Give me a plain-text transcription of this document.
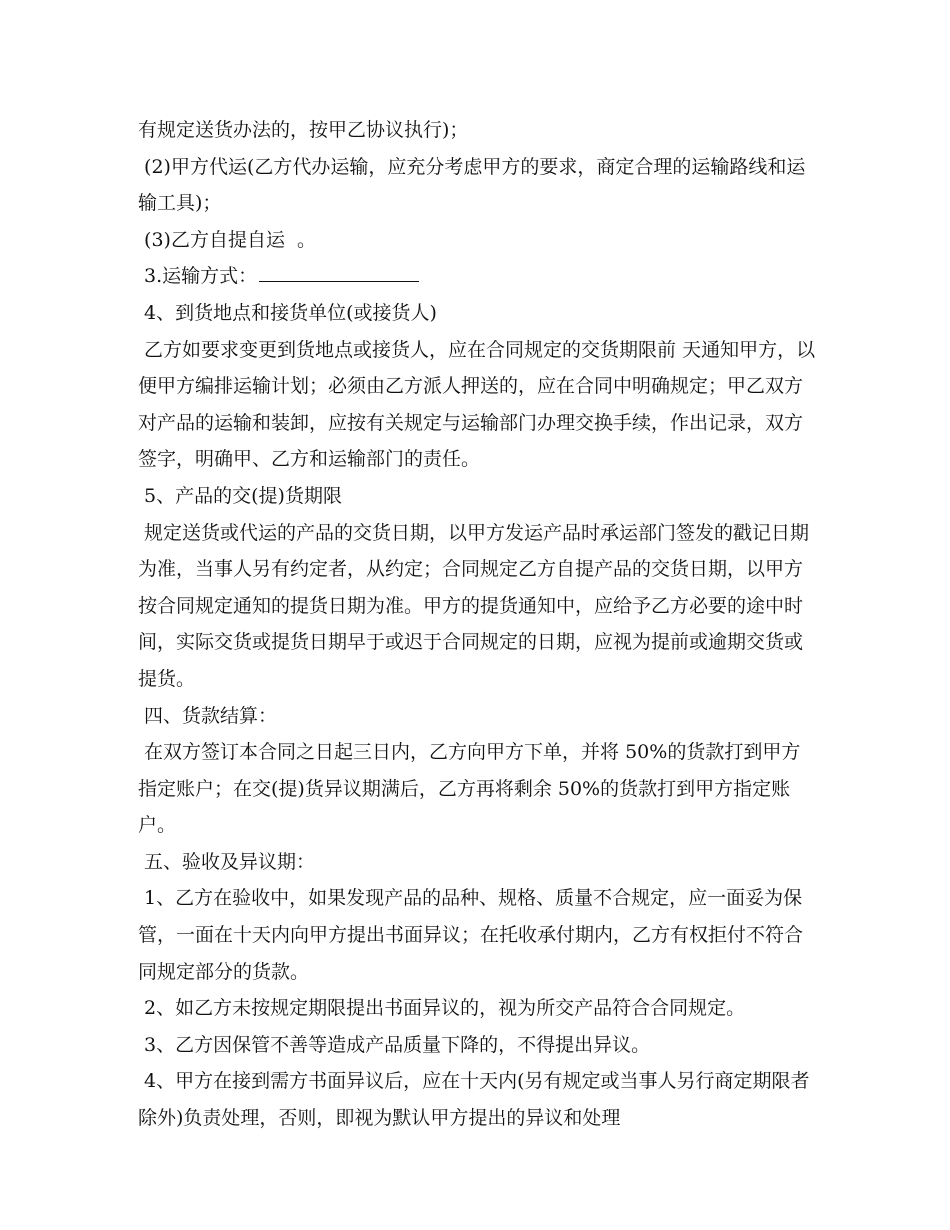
有规定送货办法的，按甲乙协议执行)；

(2)甲方代运(乙方代办运输，应充分考虑甲方的要求，商定合理的运输路线和运输工具)；

(3)乙方自提自运  。

3.运输方式：

4、到货地点和接货单位(或接货人)

乙方如要求变更到货地点或接货人，应在合同规定的交货期限前 天通知甲方，以便甲方编排运输计划；必须由乙方派人押送的，应在合同中明确规定；甲乙双方对产品的运输和装卸，应按有关规定与运输部门办理交换手续，作出记录，双方签字，明确甲、乙方和运输部门的责任。

5、产品的交(提)货期限

规定送货或代运的产品的交货日期，以甲方发运产品时承运部门签发的戳记日期为准，当事人另有约定者，从约定；合同规定乙方自提产品的交货日期，以甲方按合同规定通知的提货日期为准。甲方的提货通知中，应给予乙方必要的途中时间，实际交货或提货日期早于或迟于合同规定的日期，应视为提前或逾期交货或提货。

四、货款结算：

在双方签订本合同之日起三日内，乙方向甲方下单，并将 50%的货款打到甲方指定账户；在交(提)货异议期满后，乙方再将剩余 50%的货款打到甲方指定账户。

五、验收及异议期：

1、乙方在验收中，如果发现产品的品种、规格、质量不合规定，应一面妥为保管，一面在十天内向甲方提出书面异议；在托收承付期内，乙方有权拒付不符合同规定部分的货款。

2、如乙方未按规定期限提出书面异议的，视为所交产品符合合同规定。

3、乙方因保管不善等造成产品质量下降的，不得提出异议。

4、甲方在接到需方书面异议后，应在十天内(另有规定或当事人另行商定期限者除外)负责处理，否则，即视为默认甲方提出的异议和处理
